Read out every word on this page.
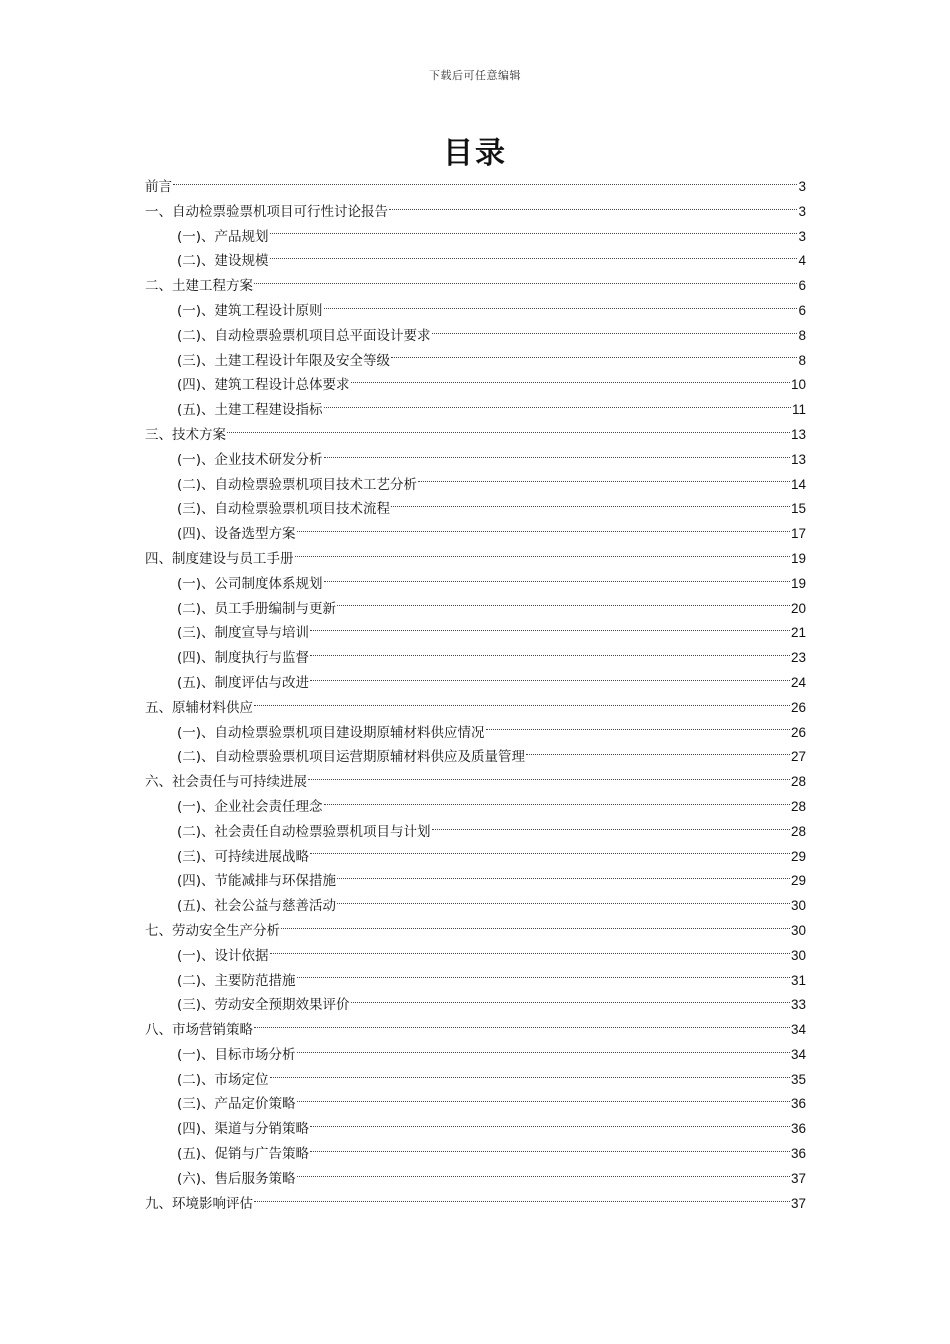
下载后可任意编辑
目录
前言	3
一、自动检票验票机项目可行性讨论报告	3
(一)、产品规划	3
(二)、建设规模	4
二、土建工程方案	6
(一)、建筑工程设计原则	6
(二)、自动检票验票机项目总平面设计要求	8
(三)、土建工程设计年限及安全等级	8
(四)、建筑工程设计总体要求	10
(五)、土建工程建设指标	11
三、技术方案	13
(一)、企业技术研发分析	13
(二)、自动检票验票机项目技术工艺分析	14
(三)、自动检票验票机项目技术流程	15
(四)、设备选型方案	17
四、制度建设与员工手册	19
(一)、公司制度体系规划	19
(二)、员工手册编制与更新	20
(三)、制度宣导与培训	21
(四)、制度执行与监督	23
(五)、制度评估与改进	24
五、原辅材料供应	26
(一)、自动检票验票机项目建设期原辅材料供应情况	26
(二)、自动检票验票机项目运营期原辅材料供应及质量管理	27
六、社会责任与可持续进展	28
(一)、企业社会责任理念	28
(二)、社会责任自动检票验票机项目与计划	28
(三)、可持续进展战略	29
(四)、节能减排与环保措施	29
(五)、社会公益与慈善活动	30
七、劳动安全生产分析	30
(一)、设计依据	30
(二)、主要防范措施	31
(三)、劳动安全预期效果评价	33
八、市场营销策略	34
(一)、目标市场分析	34
(二)、市场定位	35
(三)、产品定价策略	36
(四)、渠道与分销策略	36
(五)、促销与广告策略	36
(六)、售后服务策略	37
九、环境影响评估	37
